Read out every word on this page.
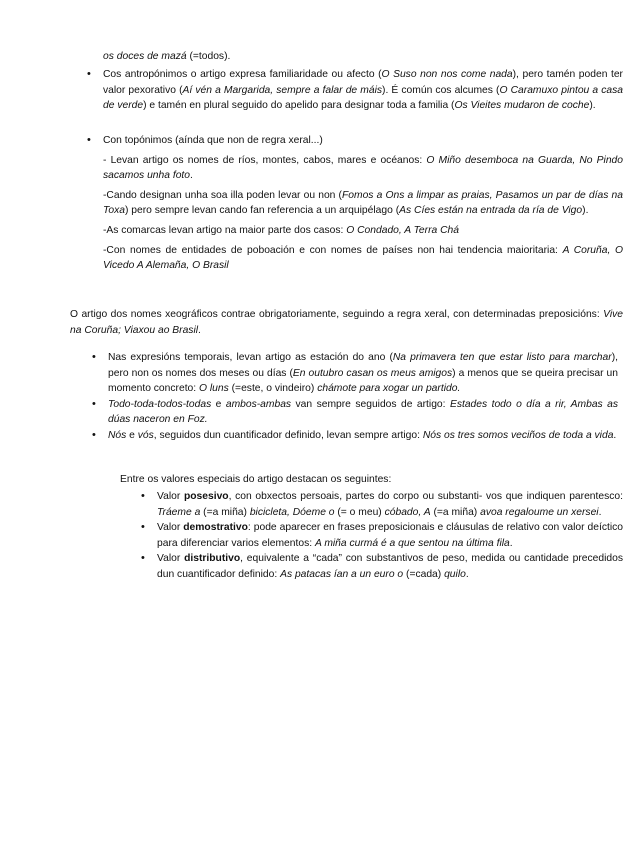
os doces de mazá (=todos).

• Cos antropónimos o artigo expresa familiaridade ou afecto (O Suso non nos come nada), pero tamén poden ter valor pexorativo (Aí vén a Margarida, sempre a falar de máis). É común cos alcumes (O Caramuxo pintou a casa de verde) e tamén en plural seguido do apelido para designar toda a familia (Os Vieites mudaron de coche).

• Con topónimos (aínda que non de regra xeral...)

- Levan artigo os nomes de ríos, montes, cabos, mares e océanos: O Miño desemboca na Guarda, No Pindo sacamos unha foto.

-Cando designan unha soa illa poden levar ou non (Fomos a Ons a limpar as praias, Pasamos un par de días na Toxa) pero sempre levan cando fan referencia a un arquipélago (As Cíes están na entrada da ría de Vigo).

-As comarcas levan artigo na maior parte dos casos: O Condado, A Terra Chá

-Con nomes de entidades de poboación e con nomes de países non hai tendencia maioritaria: A Coruña, O Vicedo A Alemaña, O Brasil

O artigo dos nomes xeográficos contrae obrigatoriamente, seguindo a regra xeral, con determinadas preposicións: Vive na Coruña; Viaxou ao Brasil.

• Nas expresións temporais, levan artigo as estación do ano (Na primavera ten que estar listo para marchar), pero non os nomes dos meses ou días (En outubro casan os meus amigos) a menos que se queira precisar un momento concreto: O luns (=este, o vindeiro) chámote para xogar un partido.
• Todo-toda-todos-todas e ambos-ambas van sempre seguidos de artigo: Estades todo o día a rir, Ambas as dúas naceron en Foz.
• Nós e vós, seguidos dun cuantificador definido, levan sempre artigo: Nós os tres somos veciños de toda a vida.

Entre os valores especiais do artigo destacan os seguintes:

• Valor posesivo, con obxectos persoais, partes do corpo ou substanti- vos que indiquen parentesco: Tráeme a (=a miña) bicicleta, Dóeme o (= o meu) cóbado, A (=a miña) avoa regaloume un xersei.
• Valor demostrativo: pode aparecer en frases preposicionais e cláusulas de relativo con valor deíctico para diferenciar varios elementos: A miña curmá é a que sentou na última fila.
• Valor distributivo, equivalente a “cada” con substantivos de peso, medida ou cantidade precedidos dun cuantificador definido: As patacas ían a un euro o (=cada) quilo.
